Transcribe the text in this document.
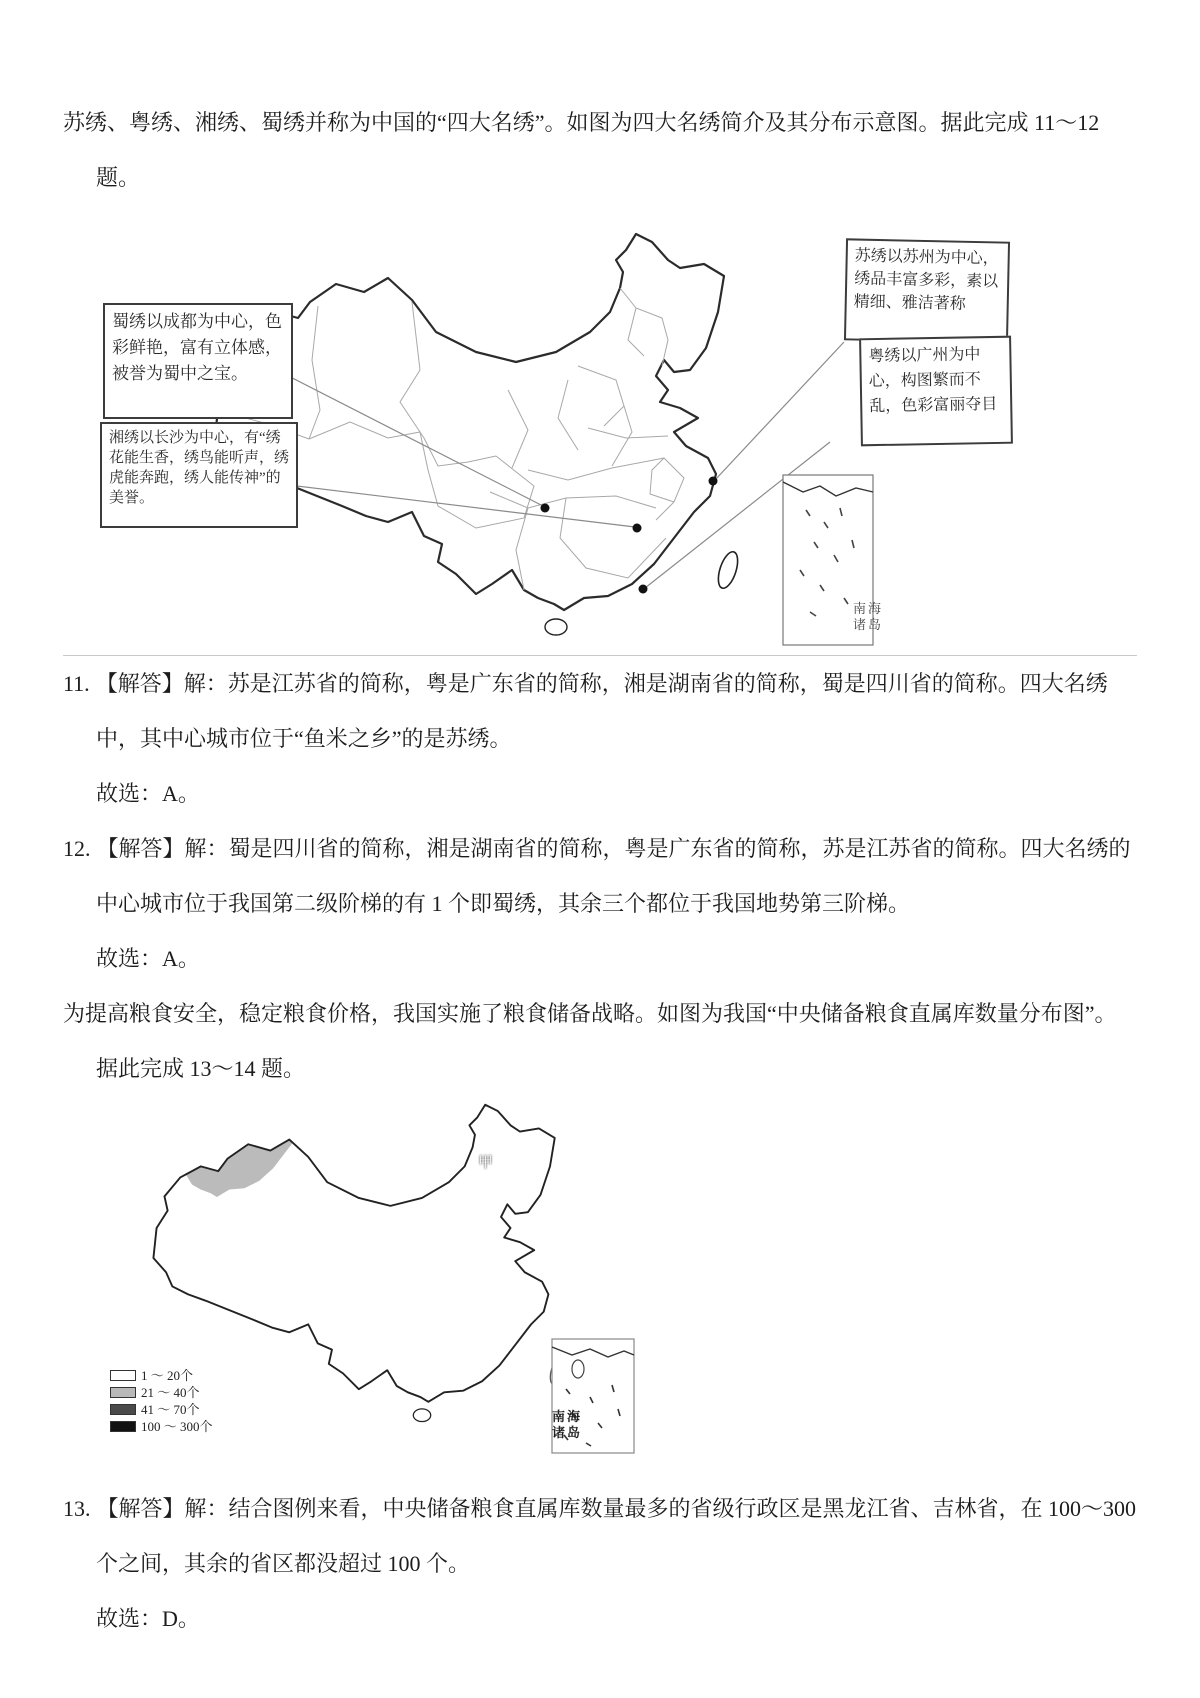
苏绣、粤绣、湘绣、蜀绣并称为中国的“四大名绣”。如图为四大名绣简介及其分布示意图。据此完成 11～12 题。

蜀绣以成都为中心，色彩鲜艳，富有立体感，被誉为蜀中之宝。
湘绣以长沙为中心，有“绣花能生香，绣鸟能听声，绣虎能奔跑，绣人能传神”的美誉。
苏绣以苏州为中心，绣品丰富多彩，素以精细、雅洁著称
粤绣以广州为中心，构图繁而不乱，色彩富丽夺目
南海诸岛

11. 【解答】解：苏是江苏省的简称，粤是广东省的简称，湘是湖南省的简称，蜀是四川省的简称。四大名绣中，其中心城市位于“鱼米之乡”的是苏绣。

故选：A。

12. 【解答】解：蜀是四川省的简称，湘是湖南省的简称，粤是广东省的简称，苏是江苏省的简称。四大名绣的中心城市位于我国第二级阶梯的有 1 个即蜀绣，其余三个都位于我国地势第三阶梯。

故选：A。

为提高粮食安全，稳定粮食价格，我国实施了粮食储备战略。如图为我国“中央储备粮食直属库数量分布图”。据此完成 13～14 题。

甲
南海诸岛
1 ～ 20个
21 ～ 40个
41 ～ 70个
100 ～ 300个

13. 【解答】解：结合图例来看，中央储备粮食直属库数量最多的省级行政区是黑龙江省、吉林省，在 100～300 个之间，其余的省区都没超过 100 个。

故选：D。
